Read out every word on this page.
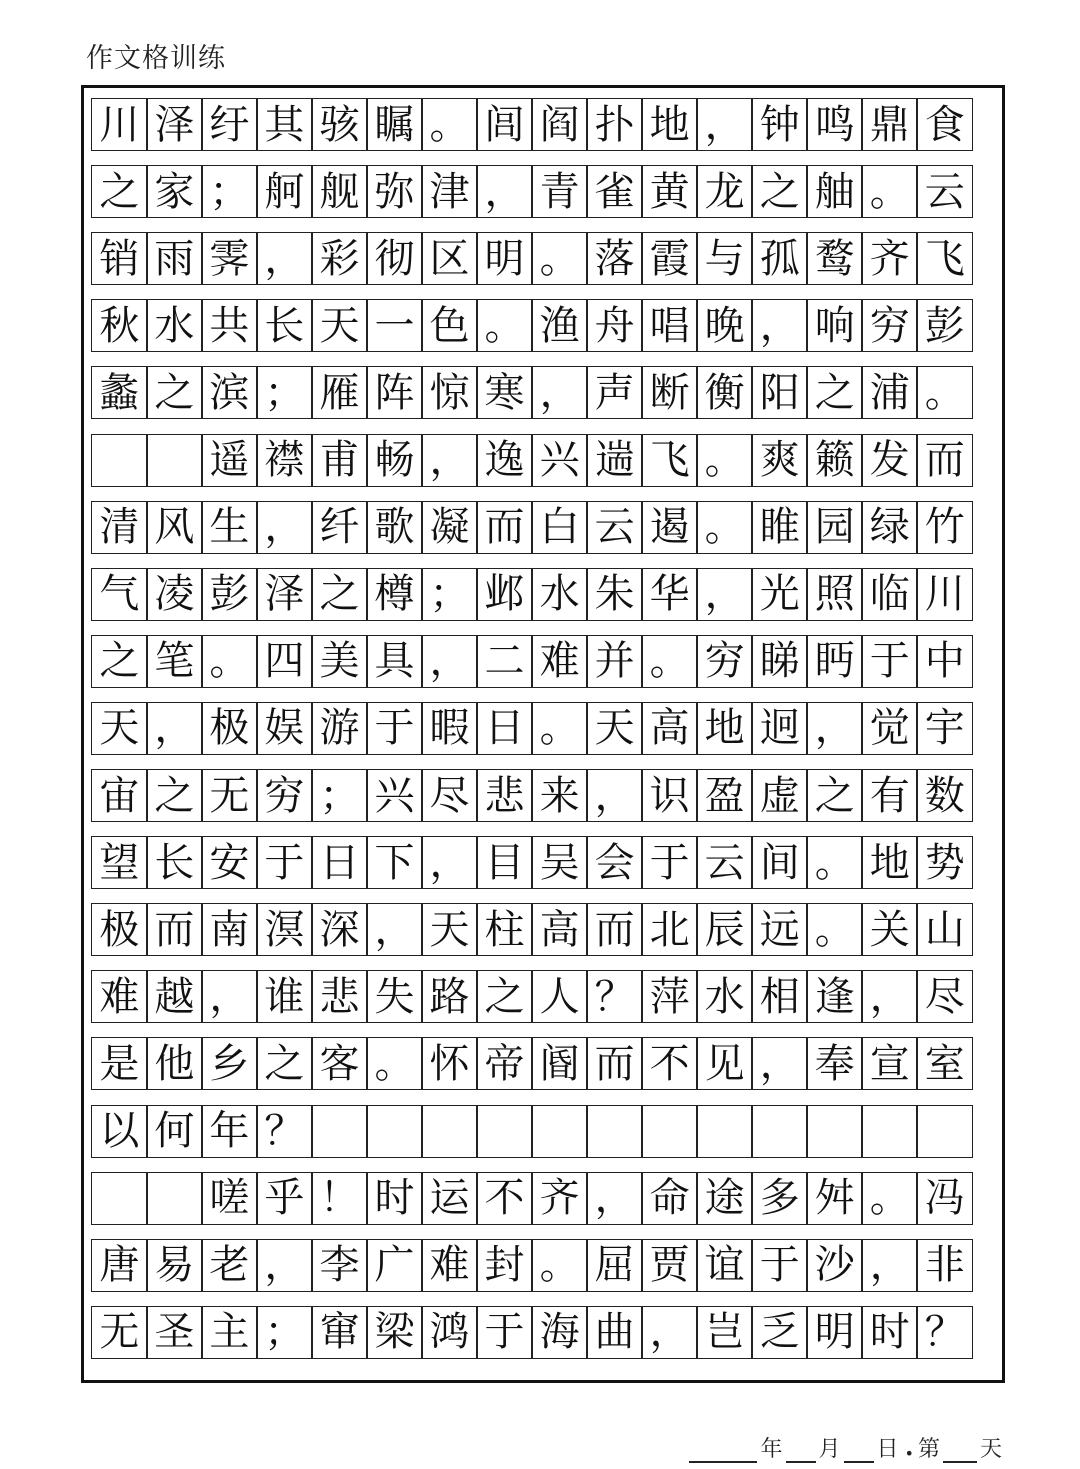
作文格训练
川 泽 纡 其 骇 瞩 。 闾 阎 扑 地 ， 钟 鸣 鼎 食
之 家 ； 舸 舰 弥 津 ， 青 雀 黄 龙 之 舳 。 云
销 雨 霁 ， 彩 彻 区 明 。 落 霞 与 孤 鹜 齐 飞
秋 水 共 长 天 一 色 。 渔 舟 唱 晚 ， 响 穷 彭
蠡 之 滨 ； 雁 阵 惊 寒 ， 声 断 衡 阳 之 浦 。
遥 襟 甫 畅 ， 逸 兴 遄 飞 。 爽 籁 发 而
清 风 生 ， 纤 歌 凝 而 白 云 遏 。 睢 园 绿 竹
气 凌 彭 泽 之 樽 ； 邺 水 朱 华 ， 光 照 临 川
之 笔 。 四 美 具 ， 二 难 并 。 穷 睇 眄 于 中
天 ， 极 娱 游 于 暇 日 。 天 高 地 迥 ， 觉 宇
宙 之 无 穷 ； 兴 尽 悲 来 ， 识 盈 虚 之 有 数
望 长 安 于 日 下 ， 目 吴 会 于 云 间 。 地 势
极 而 南 溟 深 ， 天 柱 高 而 北 辰 远 。 关 山
难 越 ， 谁 悲 失 路 之 人 ？ 萍 水 相 逢 ， 尽
是 他 乡 之 客 。 怀 帝 阍 而 不 见 ， 奉 宣 室
以 何 年 ？
嗟 乎 ！ 时 运 不 齐 ， 命 途 多 舛 。 冯
唐 易 老 ， 李 广 难 封 。 屈 贾 谊 于 沙 ， 非
无 圣 主 ； 窜 梁 鸿 于 海 曲 ， 岂 乏 明 时 ？
年 月 日 • 第 天
